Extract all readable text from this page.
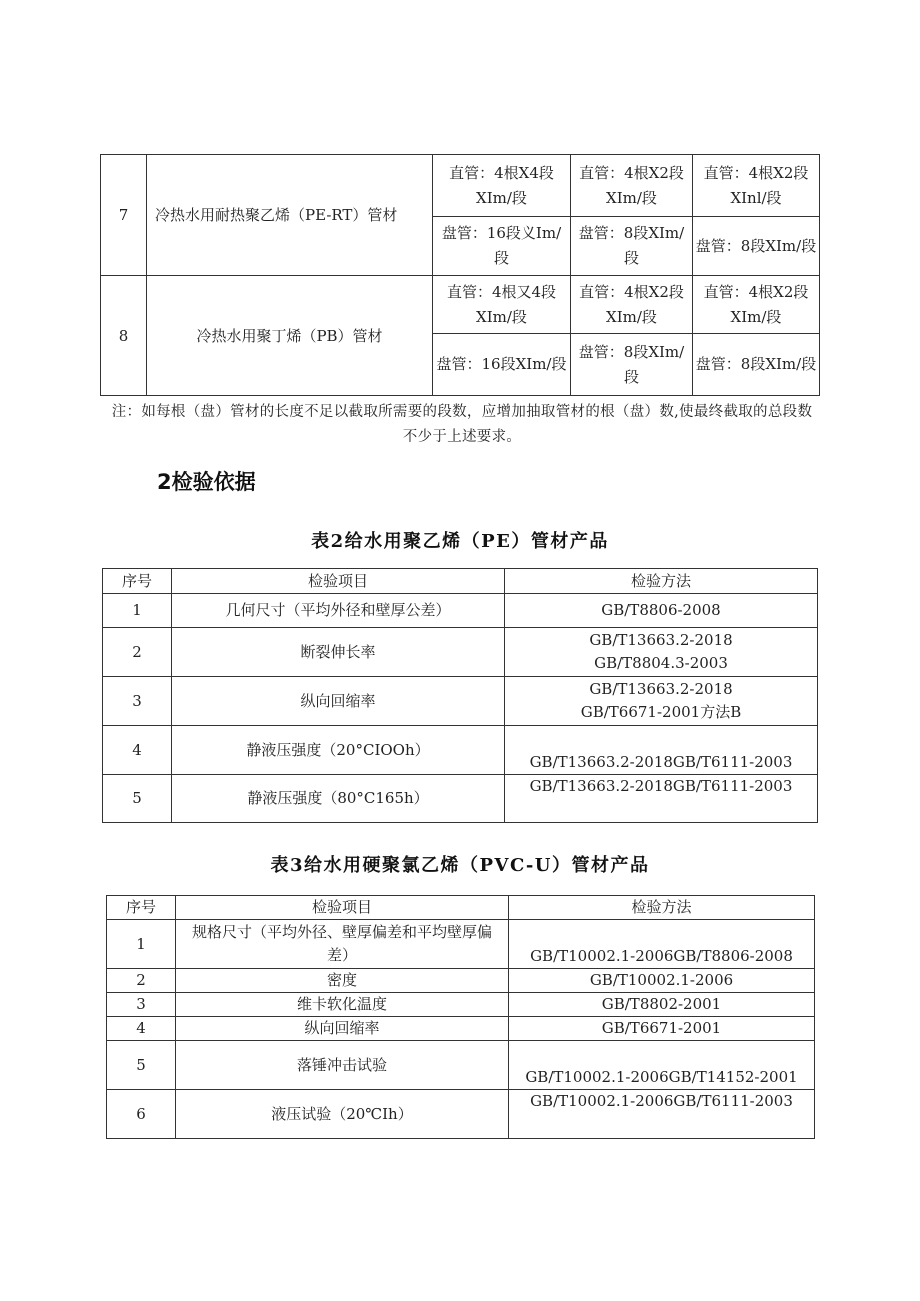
7	冷热水用耐热聚乙烯（PE-RT）管材	直管：4根X4段XIm/段	直管：4根X2段XIm/段	直管：4根X2段XInl/段
		盘管：16段义Im/段	盘管：8段XIm/段	盘管：8段XIm/段
8	冷热水用聚丁烯（PB）管材	直管：4根又4段XIm/段	直管：4根X2段XIm/段	直管：4根X2段XIm/段
		盘管：16段XIm/段	盘管：8段XIm/段	盘管：8段XIm/段
注：如每根（盘）管材的长度不足以截取所需要的段数，应增加抽取管材的根（盘）数,使最终截取的总段数不少于上述要求。
2检验依据
表2给水用聚乙烯（PE）管材产品
序号	检验项目	检验方法
1	几何尺寸（平均外径和壁厚公差）	GB/T8806-2008

2	断裂伸长率	GB/T13663.2-2018
GB/T8804.3-2003

3	纵向回缩率	GB/T13663.2-2018
GB/T6671-2001方法B

4	静液压强度（20°CIOOh）	GB/T13663.2-2018GB/T6111-2003

5	静液压强度（80°C165h）	GB/T13663.2-2018GB/T6111-2003
表3给水用硬聚氯乙烯（PVC-U）管材产品
序号	检验项目	检验方法
1	规格尺寸（平均外径、壁厚偏差和平均壁厚偏差）	GB/T10002.1-2006GB/T8806-2008
2	密度	GB/T10002.1-2006
3	维卡软化温度	GB/T8802-2001
4	纵向回缩率	GB/T6671-2001
5	落锤冲击试验	GB/T10002.1-2006GB/T14152-2001
6	液压试验（20℃Ih）	GB/T10002.1-2006GB/T6111-2003
